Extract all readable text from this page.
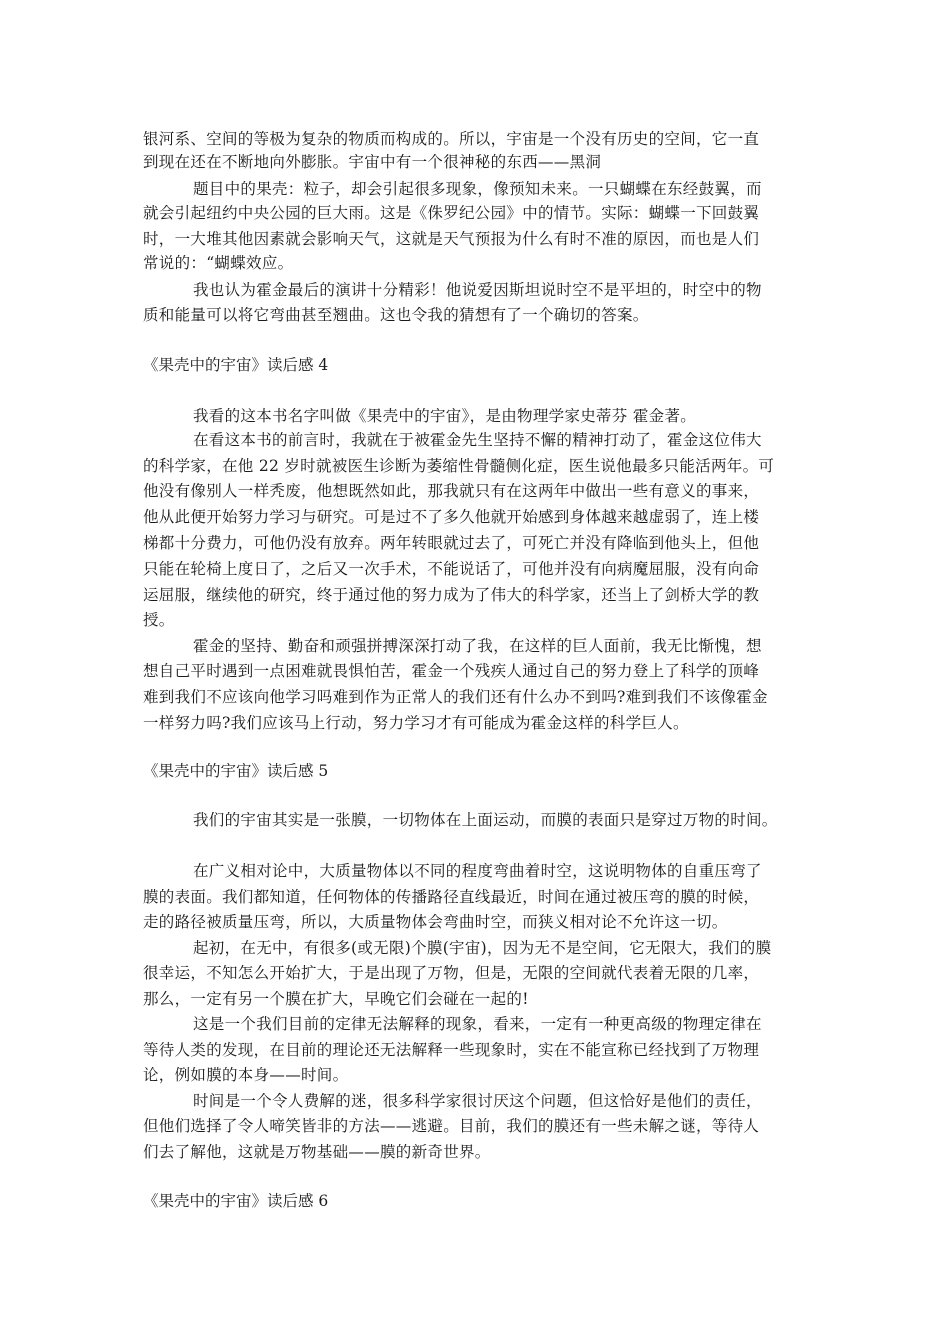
银河系、空间的等极为复杂的物质而构成的。所以，宇宙是一个没有历史的空间，它一直
到现在还在不断地向外膨胀。宇宙中有一个很神秘的东西——黑洞
题目中的果壳：粒子，却会引起很多现象，像预知未来。一只蝴蝶在东经鼓翼，而
就会引起纽约中央公园的巨大雨。这是《侏罗纪公园》中的情节。实际：蝴蝶一下回鼓翼
时，一大堆其他因素就会影响天气，这就是天气预报为什么有时不准的原因，而也是人们
常说的：“蝴蝶效应。
我也认为霍金最后的演讲十分精彩！他说爱因斯坦说时空不是平坦的，时空中的物
质和能量可以将它弯曲甚至翘曲。这也令我的猜想有了一个确切的答案。
《果壳中的宇宙》读后感 4
我看的这本书名字叫做《果壳中的宇宙》，是由物理学家史蒂芬 霍金著。
在看这本书的前言时，我就在于被霍金先生坚持不懈的精神打动了，霍金这位伟大
的科学家，在他 22 岁时就被医生诊断为萎缩性骨髓侧化症，医生说他最多只能活两年。可
他没有像别人一样秃废，他想既然如此，那我就只有在这两年中做出一些有意义的事来，
他从此便开始努力学习与研究。可是过不了多久他就开始感到身体越来越虚弱了，连上楼
梯都十分费力，可他仍没有放弃。两年转眼就过去了，可死亡并没有降临到他头上，但他
只能在轮椅上度日了，之后又一次手术，不能说话了，可他并没有向病魔屈服，没有向命
运屈服，继续他的研究，终于通过他的努力成为了伟大的科学家，还当上了剑桥大学的教
授。
霍金的坚持、勤奋和顽强拼搏深深打动了我，在这样的巨人面前，我无比惭愧，想
想自己平时遇到一点困难就畏惧怕苦，霍金一个残疾人通过自己的努力登上了科学的顶峰
难到我们不应该向他学习吗难到作为正常人的我们还有什么办不到吗?难到我们不该像霍金
一样努力吗?我们应该马上行动，努力学习才有可能成为霍金这样的科学巨人。
《果壳中的宇宙》读后感 5
我们的宇宙其实是一张膜，一切物体在上面运动，而膜的表面只是穿过万物的时间。
在广义相对论中，大质量物体以不同的程度弯曲着时空，这说明物体的自重压弯了
膜的表面。我们都知道，任何物体的传播路径直线最近，时间在通过被压弯的膜的时候，
走的路径被质量压弯，所以，大质量物体会弯曲时空，而狭义相对论不允许这一切。
起初，在无中，有很多(或无限)个膜(宇宙)，因为无不是空间，它无限大，我们的膜
很幸运，不知怎么开始扩大，于是出现了万物，但是，无限的空间就代表着无限的几率，
那么，一定有另一个膜在扩大，早晚它们会碰在一起的!
这是一个我们目前的定律无法解释的现象，看来，一定有一种更高级的物理定律在
等待人类的发现，在目前的理论还无法解释一些现象时，实在不能宣称已经找到了万物理
论，例如膜的本身——时间。
时间是一个令人费解的迷，很多科学家很讨厌这个问题，但这恰好是他们的责任，
但他们选择了令人啼笑皆非的方法——逃避。目前，我们的膜还有一些未解之谜，等待人
们去了解他，这就是万物基础——膜的新奇世界。
《果壳中的宇宙》读后感 6
